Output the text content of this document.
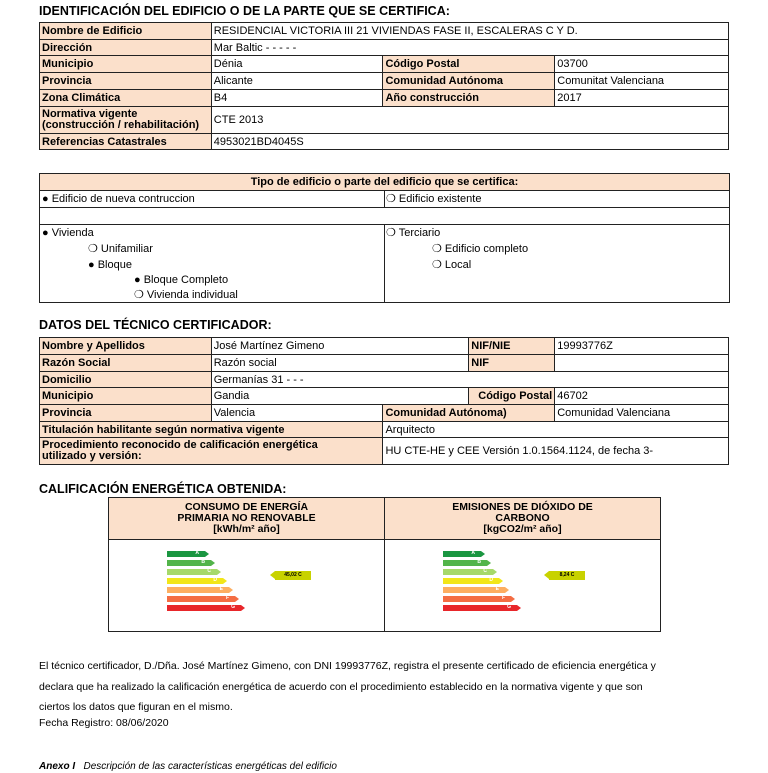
IDENTIFICACIÓN DEL EDIFICIO O DE LA PARTE QUE SE CERTIFICA:
Nombre de Edificio	RESIDENCIAL VICTORIA III 21 VIVIENDAS FASE II, ESCALERAS C Y D.		
Dirección	Mar Baltic - - - - -		
Municipio	Dénia	Código Postal	03700
Provincia	Alicante	Comunidad Autónoma	Comunitat Valenciana
Zona Climática	B4	Año construcción	2017
Normativa vigente
(construcción / rehabilitación)	CTE 2013		
Referencias Catastrales	4953021BD4045S		
Tipo de edificio o parte del edificio que se certifica:
● Edificio de nueva contruccion	❍ Edificio existente
● Vivienda
❍ Unifamiliar
● Bloque
● Bloque Completo
❍ Vivienda individual
❍ Terciario
❍ Edificio completo
❍ Local
DATOS DEL TÉCNICO CERTIFICADOR:
Nombre y Apellidos	José Martínez Gimeno		NIF/NIE	19993776Z
Razón Social	Razón social		NIF	
Domicilio	Germanías 31 - - -			
Municipio	Gandia		Código Postal	46702
Provincia	Valencia	Comunidad Autónoma)		Comunidad Valenciana
Titulación habilitante según normativa vigente		Arquitecto		
Procedimiento reconocido de calificación energética
utilizado y versión:		HU CTE-HE y CEE Versión 1.0.1564.1124, de fecha 3-		
CALIFICACIÓN ENERGÉTICA OBTENIDA:
CONSUMO DE ENERGÍA
PRIMARIA NO RENOVABLE
[kWh/m² año]
EMISIONES DE DIÓXIDO DE
CARBONO
[kgCO2/m² año]
A
B
C
D
E
F
G
45,02 C
A
B
C
D
E
F
G
8,24 C
El técnico certificador, D./Dña. José Martínez Gimeno, con DNI 19993776Z, registra el presente certificado de eficiencia energética y
declara que ha realizado la calificación energética de acuerdo con el procedimiento establecido en la normativa vigente y que son
ciertos los datos que figuran en el mismo.
Fecha Registro: 08/06/2020
Anexo I Descripción de las características energéticas del edificio
